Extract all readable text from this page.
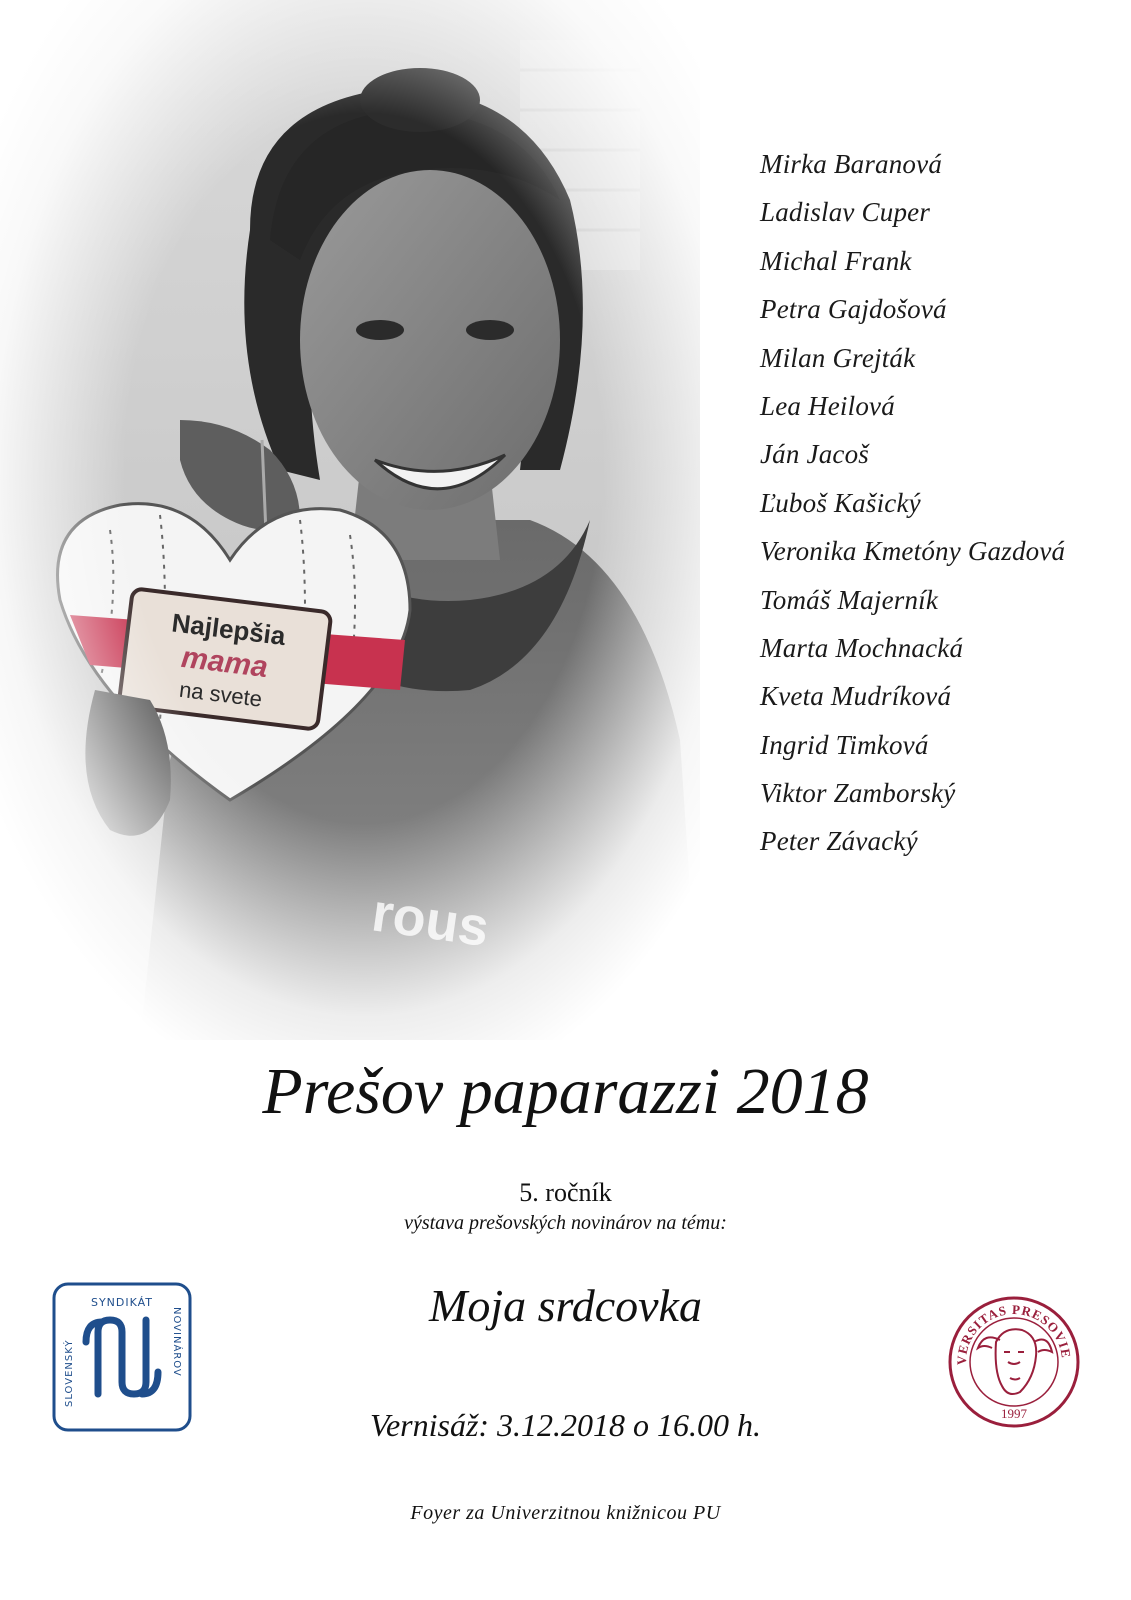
Mirka Baranová
Ladislav Cuper
Michal Frank
Petra Gajdošová
Milan Grejták
Lea Heilová
Ján Jacoš
Ľuboš Kašický
Veronika Kmetóny Gazdová
Tomáš Majerník
Marta Mochnacká
Kveta Mudríková
Ingrid Timková
Viktor Zamborský
Peter Závacký
Prešov paparazzi 2018
5. ročník
výstava prešovských novinárov na tému:
Moja srdcovka
Vernisáž: 3.12.2018 o 16.00 h.
Foyer za Univerzitnou knižnicou PU
SYNDIKÁT
SLOVENSKÝ	NOVINÁROV	VERSITAS PRESOVIE
1997
